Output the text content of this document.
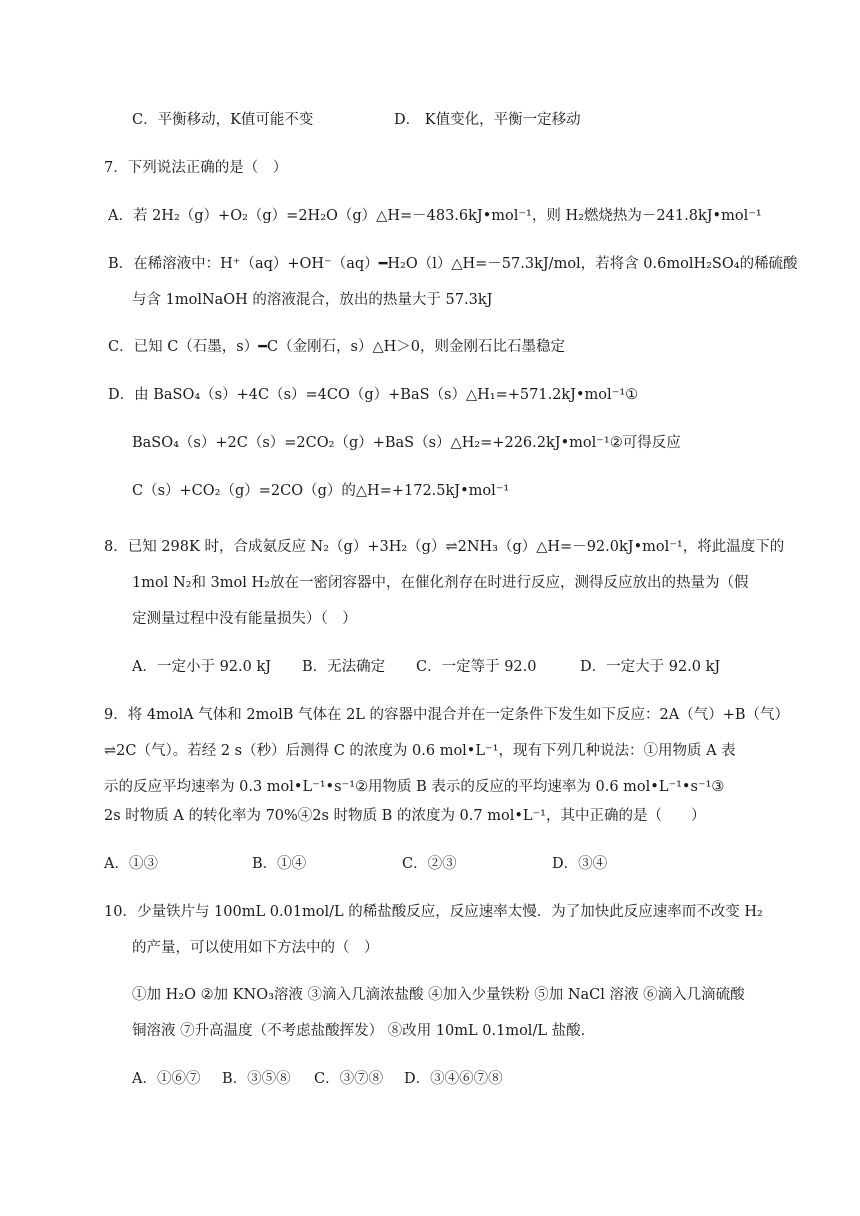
C．平衡移动，K值可能不变	D． K值变化，平衡一定移动
7．下列说法正确的是（　）
A．若 2H₂（g）+O₂（g）=2H₂O（g）△H=－483.6kJ•mol⁻¹，则 H₂燃烧热为－241.8kJ•mol⁻¹
B．在稀溶液中：H⁺（aq）+OH⁻（aq）━H₂O（l）△H=－57.3kJ/mol，若将含 0.6molH₂SO₄的稀硫酸
与含 1molNaOH 的溶液混合，放出的热量大于 57.3kJ
C．已知 C（石墨，s）━C（金刚石，s）△H＞0，则金刚石比石墨稳定
D．由 BaSO₄（s）+4C（s）=4CO（g）+BaS（s）△H₁=+571.2kJ•mol⁻¹①
BaSO₄（s）+2C（s）=2CO₂（g）+BaS（s）△H₂=+226.2kJ•mol⁻¹②可得反应
C（s）+CO₂（g）=2CO（g）的△H=+172.5kJ•mol⁻¹
8．已知 298K 时，合成氨反应 N₂（g）+3H₂（g）⇌2NH₃（g）△H=－92.0kJ•mol⁻¹，将此温度下的
1mol N₂和 3mol H₂放在一密闭容器中，在催化剂存在时进行反应，测得反应放出的热量为（假
定测量过程中没有能量损失）（　）
A．一定小于 92.0 kJ B．无法确定 C．一定等于 92.0	D．一定大于 92.0 kJ
9．将 4molA 气体和 2molB 气体在 2L 的容器中混合并在一定条件下发生如下反应：2A（气）+B（气）
⇌2C（气）。若经 2 s（秒）后测得 C 的浓度为 0.6 mol•L⁻¹，现有下列几种说法：①用物质 A 表
示的反应平均速率为 0.3 mol•L⁻¹•s⁻¹②用物质 B 表示的反应的平均速率为 0.6 mol•L⁻¹•s⁻¹③
2s 时物质 A 的转化率为 70%④2s 时物质 B 的浓度为 0.7 mol•L⁻¹，其中正确的是（　　）
A．①③	B．①④	C．②③	D．③④
10．少量铁片与 100mL 0.01mol/L 的稀盐酸反应，反应速率太慢．为了加快此反应速率而不改变 H₂
的产量，可以使用如下方法中的（　）
①加 H₂O ②加 KNO₃溶液 ③滴入几滴浓盐酸 ④加入少量铁粉 ⑤加 NaCl 溶液 ⑥滴入几滴硫酸
铜溶液 ⑦升高温度（不考虑盐酸挥发） ⑧改用 10mL 0.1mol/L 盐酸．
A．①⑥⑦ B．③⑤⑧ C．③⑦⑧ D．③④⑥⑦⑧
